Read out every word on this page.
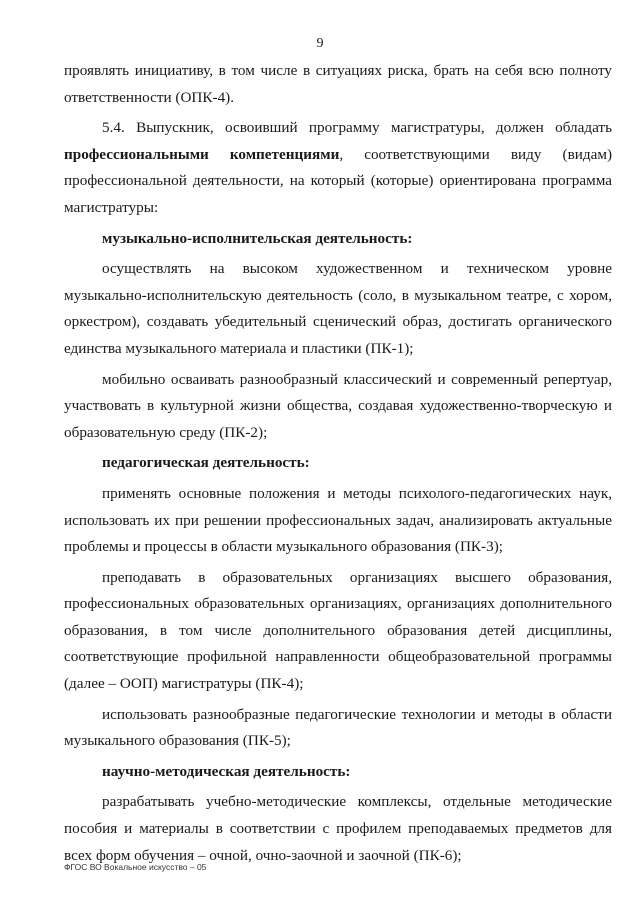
9

проявлять инициативу, в том числе в ситуациях риска, брать на себя всю полноту ответственности (ОПК-4).

5.4. Выпускник, освоивший программу магистратуры, должен обладать профессиональными компетенциями, соответствующими виду (видам) профессиональной деятельности, на который (которые) ориентирована программа магистратуры:

музыкально-исполнительская деятельность:

осуществлять на высоком художественном и техническом уровне музыкально-исполнительскую деятельность (соло, в музыкальном театре, с хором, оркестром), создавать убедительный сценический образ, достигать органического единства музыкального материала и пластики (ПК-1);

мобильно осваивать разнообразный классический и современный репертуар, участвовать в культурной жизни общества, создавая художественно-творческую и образовательную среду (ПК-2);

педагогическая деятельность:

применять основные положения и методы психолого-педагогических наук, использовать их при решении профессиональных задач, анализировать актуальные проблемы и процессы в области музыкального образования (ПК-3);

преподавать в образовательных организациях высшего образования, профессиональных образовательных организациях, организациях дополнительного образования, в том числе дополнительного образования детей дисциплины, соответствующие профильной направленности общеобразовательной программы (далее – ООП) магистратуры (ПК-4);

использовать разнообразные педагогические технологии и методы в области музыкального образования (ПК-5);

научно-методическая деятельность:

разрабатывать учебно-методические комплексы, отдельные методические пособия и материалы в соответствии с профилем преподаваемых предметов для всех форм обучения – очной, очно-заочной и заочной (ПК-6);

ФГОС ВО Вокальное искусство – 05
